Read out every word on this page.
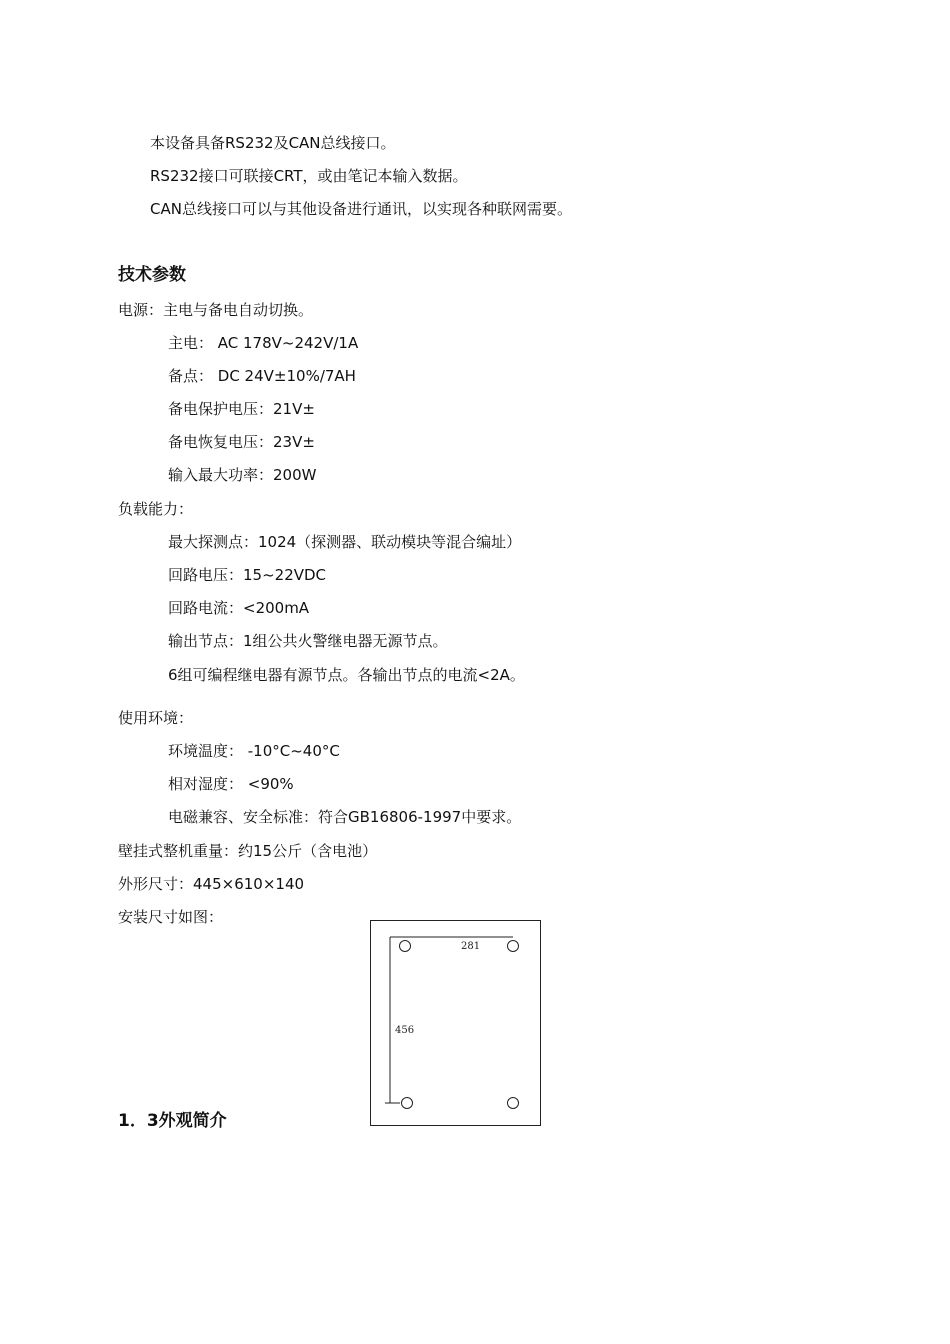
本设备具备RS232及CAN总线接口。
RS232接口可联接CRT，或由笔记本输入数据。
CAN总线接口可以与其他设备进行通讯，以实现各种联网需要。
技术参数
电源：主电与备电自动切换。
主电： AC 178V~242V/1A
备点： DC 24V±10%/7AH
备电保护电压：21V±
备电恢复电压：23V±
输入最大功率：200W
负载能力：
最大探测点：1024（探测器、联动模块等混合编址）
回路电压：15~22VDC
回路电流：<200mA
输出节点：1组公共火警继电器无源节点。
6组可编程继电器有源节点。各输出节点的电流<2A。
使用环境：
环境温度： -10°C~40°C
相对湿度： <90%
电磁兼容、安全标准：符合GB16806-1997中要求。
壁挂式整机重量：约15公斤（含电池）
外形尺寸：445×610×140
安装尺寸如图：
281
456
1．3外观简介
